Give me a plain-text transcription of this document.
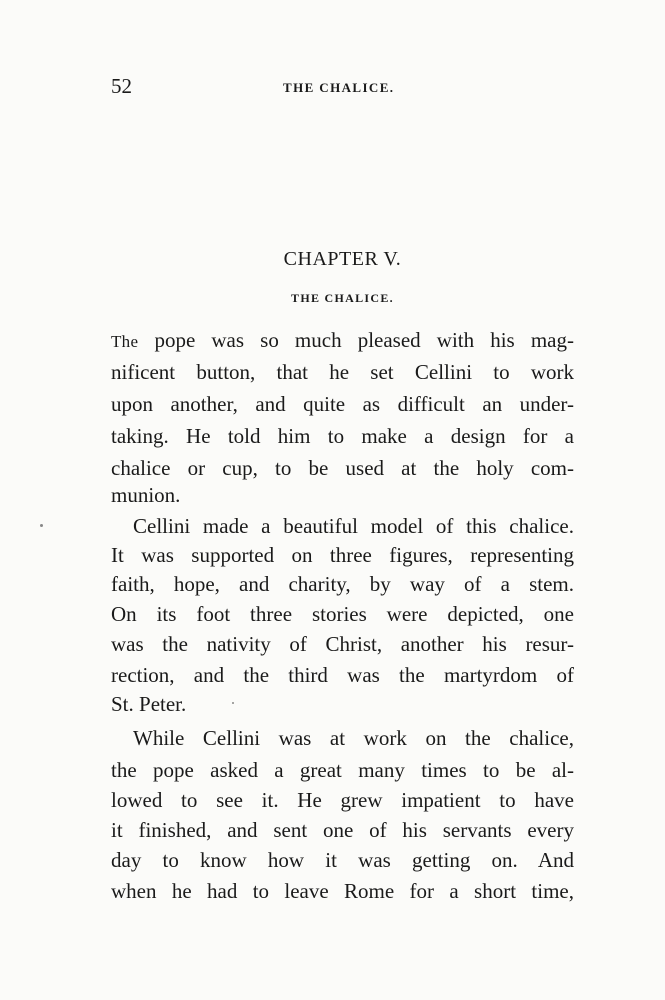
52	THE CHALICE.
CHAPTER V.
THE CHALICE.
The pope was so much pleased with his mag-
nificent button, that he set Cellini to work
upon another, and quite as difficult an under-
taking. He told him to make a design for a
chalice or cup, to be used at the holy com-
munion.
Cellini made a beautiful model of this chalice.
It was supported on three figures, representing
faith, hope, and charity, by way of a stem.
On its foot three stories were depicted, one
was the nativity of Christ, another his resur-
rection, and the third was the martyrdom of
St. Peter.
While Cellini was at work on the chalice,
the pope asked a great many times to be al-
lowed to see it. He grew impatient to have
it finished, and sent one of his servants every
day to know how it was getting on. And
when he had to leave Rome for a short time,
